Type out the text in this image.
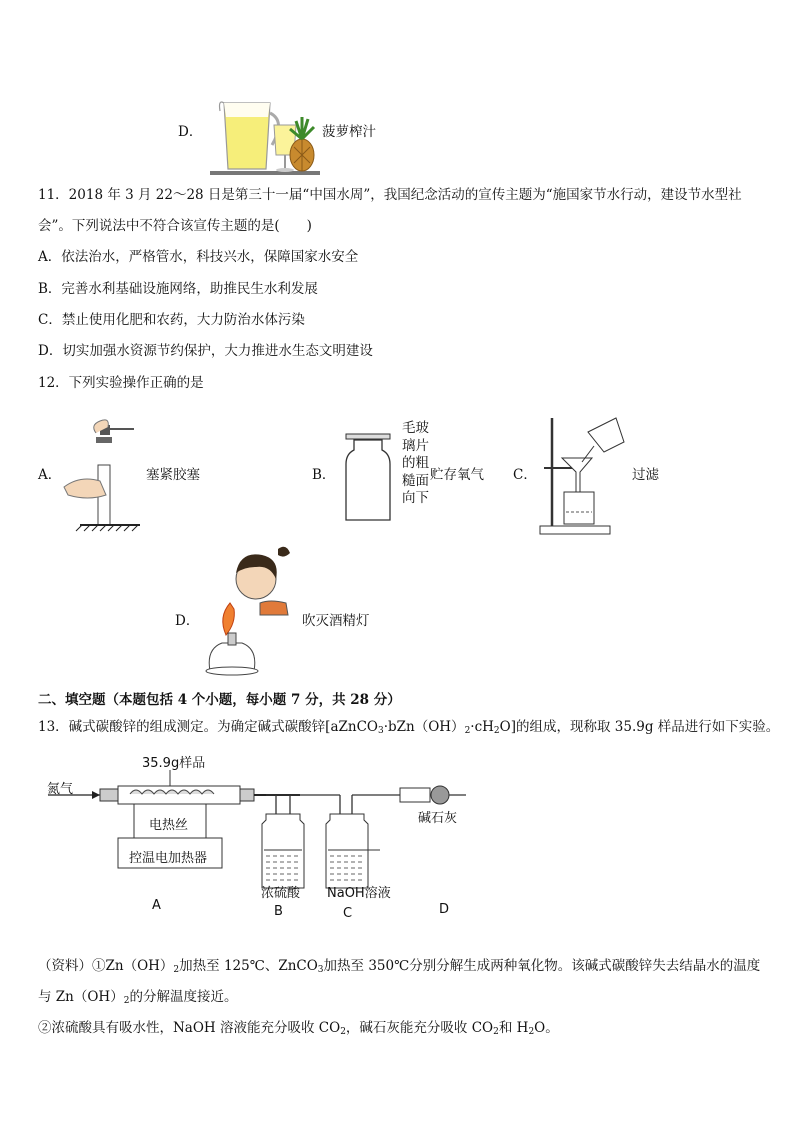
D．	菠萝榨汁
11．2018 年 3 月 22～28 日是第三十一届“中国水周”，我国纪念活动的宣传主题为“施国家节水行动，建设节水型社
会”。下列说法中不符合该宣传主题的是(　　)
A．依法治水，严格管水，科技兴水，保障国家水安全
B．完善水利基础设施网络，助推民生水利发展
C．禁止使用化肥和农药，大力防治水体污染
D．切实加强水资源节约保护，大力推进水生态文明建设
12．下列实验操作正确的是
A．	塞紧胶塞	B．
毛玻
璃片
的粗
糙面
向下
贮存氧气 C．	过滤
D．	吹灭酒精灯
二、填空题（本题包括 4 个小题，每小题 7 分，共 28 分）
13．碱式碳酸锌的组成测定。为确定碱式碳酸锌$[aZnCO_3\cdot bZn(OH)_2\cdot cH_2O]$的组成，现称取 35.9g 样品进行如下实验。
氮气
35.9g样品
电热丝
控温电加热器
碱石灰
浓硫酸 NaOH溶液
A	B	C	D
（资料）$①Zn(OH)_2$加热至 125℃、ZnCO$_3$加热至 350℃分别分解生成两种氧化物。该碱式碳酸锌失去结晶水的温度
与 $Zn(OH)_2$的分解温度接近。
②浓硫酸具有吸水性，NaOH 溶液能充分吸收 $CO_2$，碱石灰能充分吸收 $CO_2$和 $H_2O$。
